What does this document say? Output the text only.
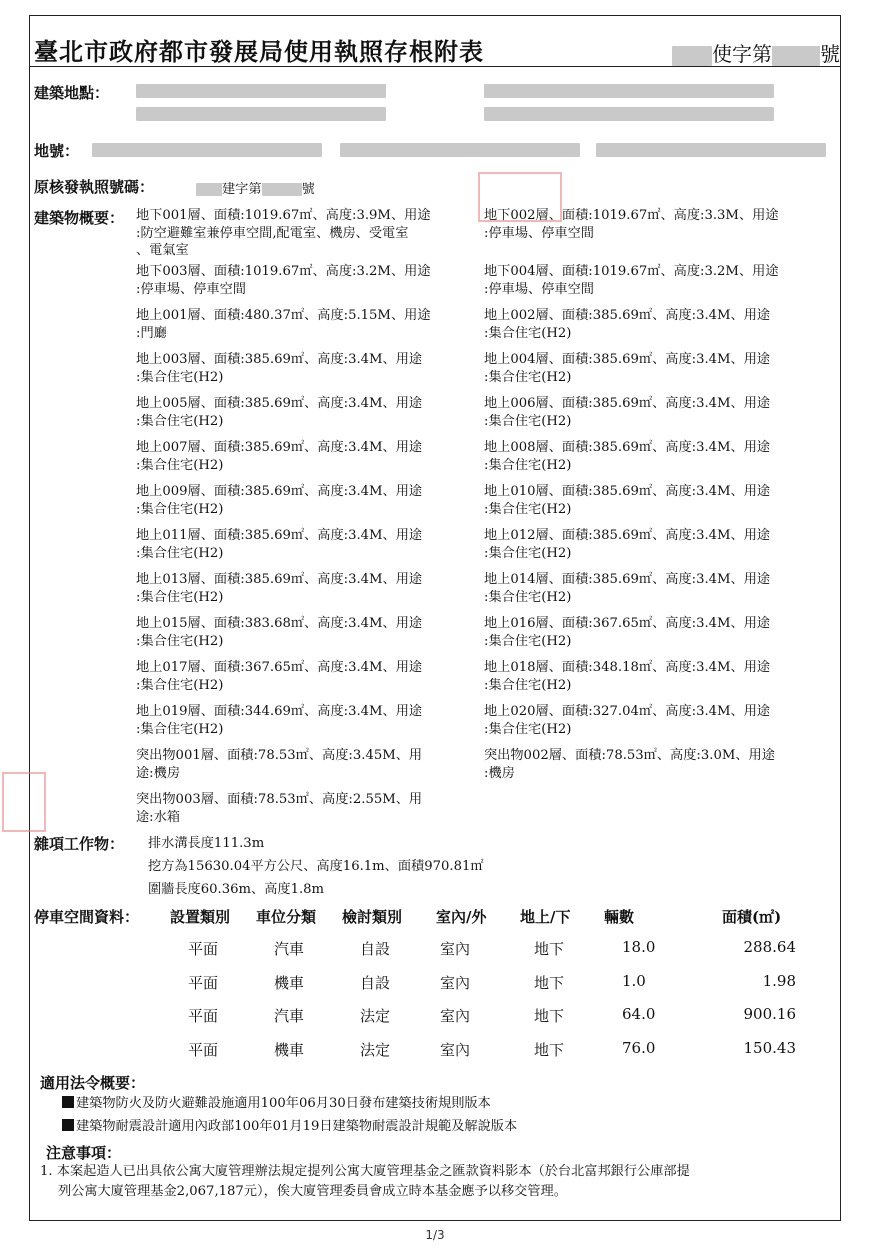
臺北市政府都市發展局使用執照存根附表	使字第 號
建築地點：
地號：
原核發執照號碼：	建字第	號

建築物概要： 地下001層、面積:1019.67㎡、高度:3.9M、用途
:防空避難室兼停車空間,配電室、機房、受電室
、電氣室
地下002層、面積:1019.67㎡、高度:3.3M、用途
:停車場、停車空間
地下003層、面積:1019.67㎡、高度:3.2M、用途
:停車場、停車空間
地下004層、面積:1019.67㎡、高度:3.2M、用途
:停車場、停車空間
地上001層、面積:480.37㎡、高度:5.15M、用途
:門廳
地上002層、面積:385.69㎡、高度:3.4M、用途
:集合住宅(H2)
地上003層、面積:385.69㎡、高度:3.4M、用途
:集合住宅(H2)
地上004層、面積:385.69㎡、高度:3.4M、用途
:集合住宅(H2)
地上005層、面積:385.69㎡、高度:3.4M、用途
:集合住宅(H2)
地上006層、面積:385.69㎡、高度:3.4M、用途
:集合住宅(H2)
地上007層、面積:385.69㎡、高度:3.4M、用途
:集合住宅(H2)
地上008層、面積:385.69㎡、高度:3.4M、用途
:集合住宅(H2)
地上009層、面積:385.69㎡、高度:3.4M、用途
:集合住宅(H2)
地上010層、面積:385.69㎡、高度:3.4M、用途
:集合住宅(H2)
地上011層、面積:385.69㎡、高度:3.4M、用途
:集合住宅(H2)
地上012層、面積:385.69㎡、高度:3.4M、用途
:集合住宅(H2)
地上013層、面積:385.69㎡、高度:3.4M、用途
:集合住宅(H2)
地上014層、面積:385.69㎡、高度:3.4M、用途
:集合住宅(H2)
地上015層、面積:383.68㎡、高度:3.4M、用途
:集合住宅(H2)
地上016層、面積:367.65㎡、高度:3.4M、用途
:集合住宅(H2)
地上017層、面積:367.65㎡、高度:3.4M、用途
:集合住宅(H2)
地上018層、面積:348.18㎡、高度:3.4M、用途
:集合住宅(H2)
地上019層、面積:344.69㎡、高度:3.4M、用途
:集合住宅(H2)
地上020層、面積:327.04㎡、高度:3.4M、用途
:集合住宅(H2)
突出物001層、面積:78.53㎡、高度:3.45M、用
途:機房
突出物002層、面積:78.53㎡、高度:3.0M、用途
:機房
突出物003層、面積:78.53㎡、高度:2.55M、用
途:水箱
雜項工作物： 排水溝長度111.3m
挖方為15630.04平方公尺、高度16.1m、面積970.81㎡
圍牆長度60.36m、高度1.8m
停車空間資料： 設置類別 車位分類 檢討類別 室內/外 地上/下 輛數	面積(㎡)
平面	汽車	自設	室內	地下	18.0	288.64
平面	機車	自設	室內	地下	1.0	1.98
平面	汽車	法定	室內	地下	64.0	900.16
平面	機車	法定	室內	地下	76.0	150.43
適用法令概要：
建築物防火及防火避難設施適用100年06月30日發布建築技術規則版本
建築物耐震設計適用內政部100年01月19日建築物耐震設計規範及解說版本
注意事項：
1. 本案起造人已出具依公寓大廈管理辦法規定提列公寓大廈管理基金之匯款資料影本（於台北富邦銀行公庫部提
列公寓大廈管理基金2,067,187元），俟大廈管理委員會成立時本基金應予以移交管理。
1/3
